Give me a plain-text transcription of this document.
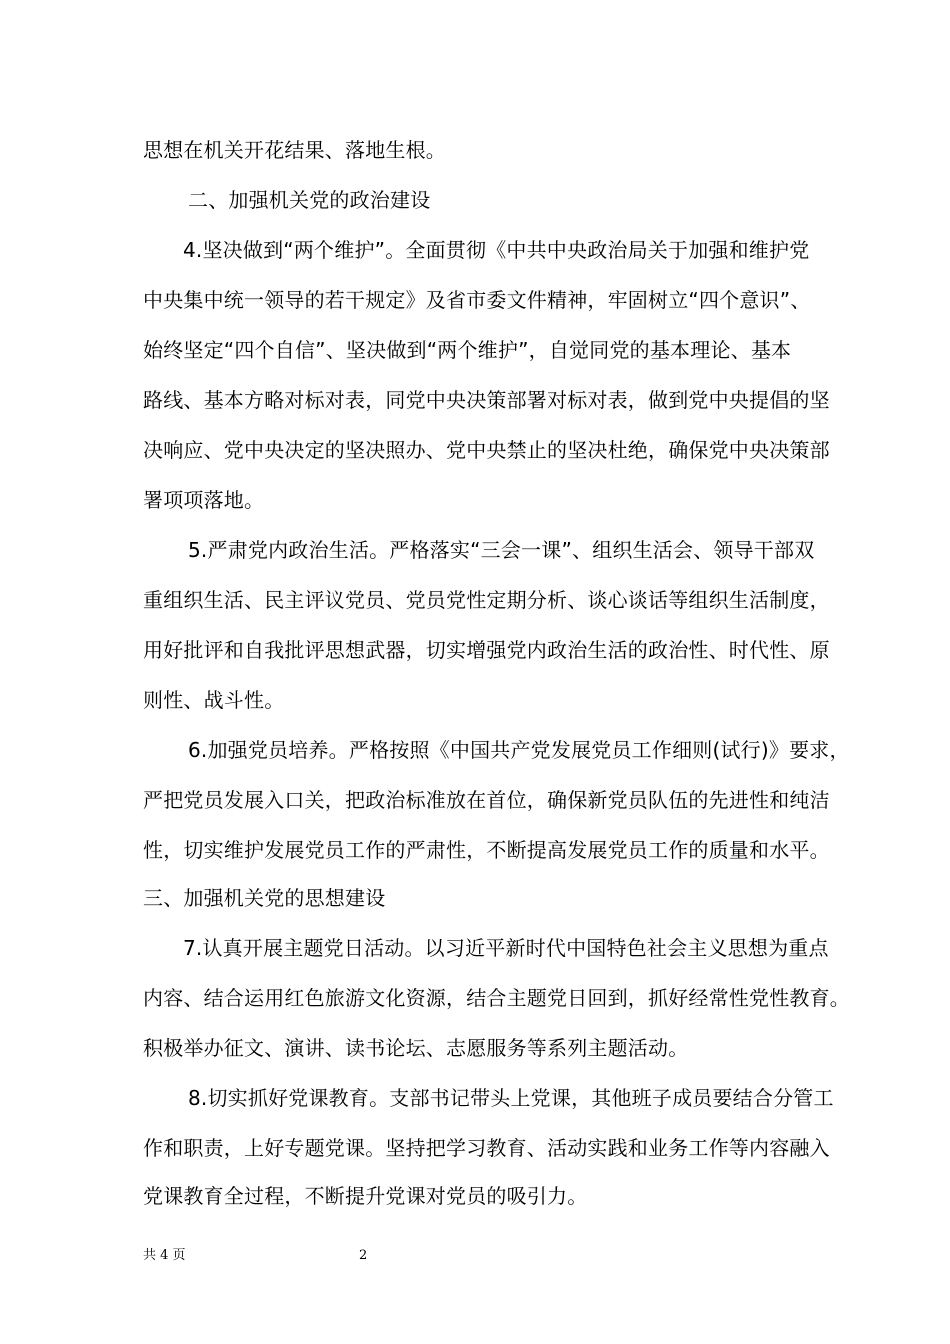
思想在机关开花结果、落地生根。
二、加强机关党的政治建设
4.坚决做到“两个维护”。全面贯彻《中共中央政治局关于加强和维护党
中央集中统一领导的若干规定》及省市委文件精神，牢固树立“四个意识”、
始终坚定“四个自信”、坚决做到“两个维护”，自觉同党的基本理论、基本
路线、基本方略对标对表，同党中央决策部署对标对表，做到党中央提倡的坚
决响应、党中央决定的坚决照办、党中央禁止的坚决杜绝，确保党中央决策部
署项项落地。
5.严肃党内政治生活。严格落实“三会一课”、组织生活会、领导干部双
重组织生活、民主评议党员、党员党性定期分析、谈心谈话等组织生活制度，
用好批评和自我批评思想武器，切实增强党内政治生活的政治性、时代性、原
则性、战斗性。
6.加强党员培养。严格按照《中国共产党发展党员工作细则(试行)》要求，
严把党员发展入口关，把政治标准放在首位，确保新党员队伍的先进性和纯洁
性，切实维护发展党员工作的严肃性，不断提高发展党员工作的质量和水平。
三、加强机关党的思想建设
7.认真开展主题党日活动。以习近平新时代中国特色社会主义思想为重点
内容、结合运用红色旅游文化资源，结合主题党日回到，抓好经常性党性教育。
积极举办征文、演讲、读书论坛、志愿服务等系列主题活动。
8.切实抓好党课教育。支部书记带头上党课，其他班子成员要结合分管工
作和职责，上好专题党课。坚持把学习教育、活动实践和业务工作等内容融入
党课教育全过程，不断提升党课对党员的吸引力。
共 4 页	2
